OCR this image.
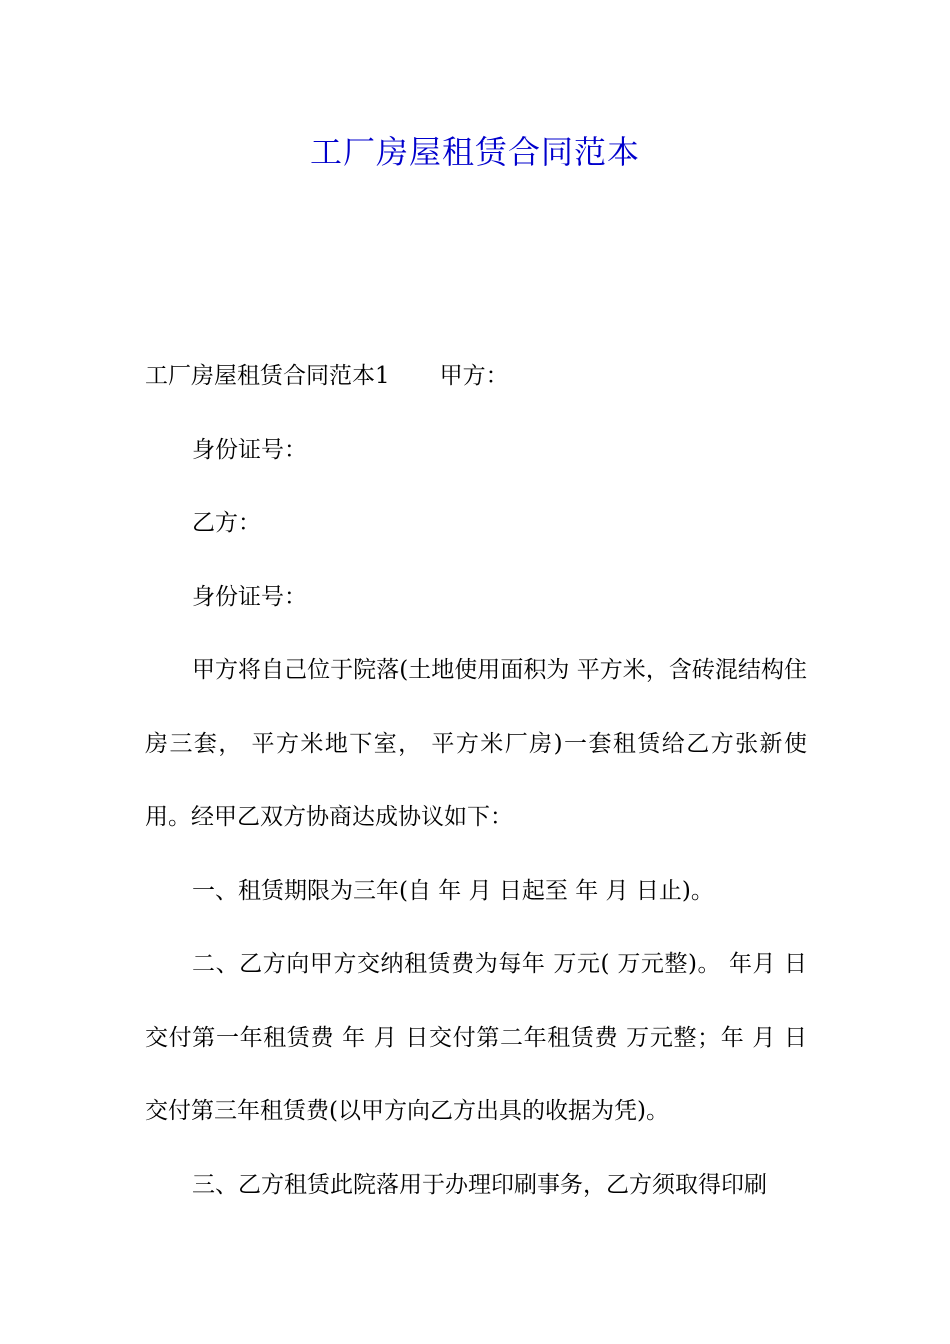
工厂房屋租赁合同范本

工厂房屋租赁合同范本1 甲方：

身份证号：

乙方：

身份证号：

甲方将自己位于院落(土地使用面积为 平方米，含砖混结构住房三套， 平方米地下室， 平方米厂房)一套租赁给乙方张新使用。经甲乙双方协商达成协议如下：

一、租赁期限为三年(自 年 月 日起至 年 月 日止)。

二、乙方向甲方交纳租赁费为每年 万元( 万元整)。 年月 日交付第一年租赁费 年 月 日交付第二年租赁费 万元整；年 月 日交付第三年租赁费(以甲方向乙方出具的收据为凭)。

三、乙方租赁此院落用于办理印刷事务，乙方须取得印刷
